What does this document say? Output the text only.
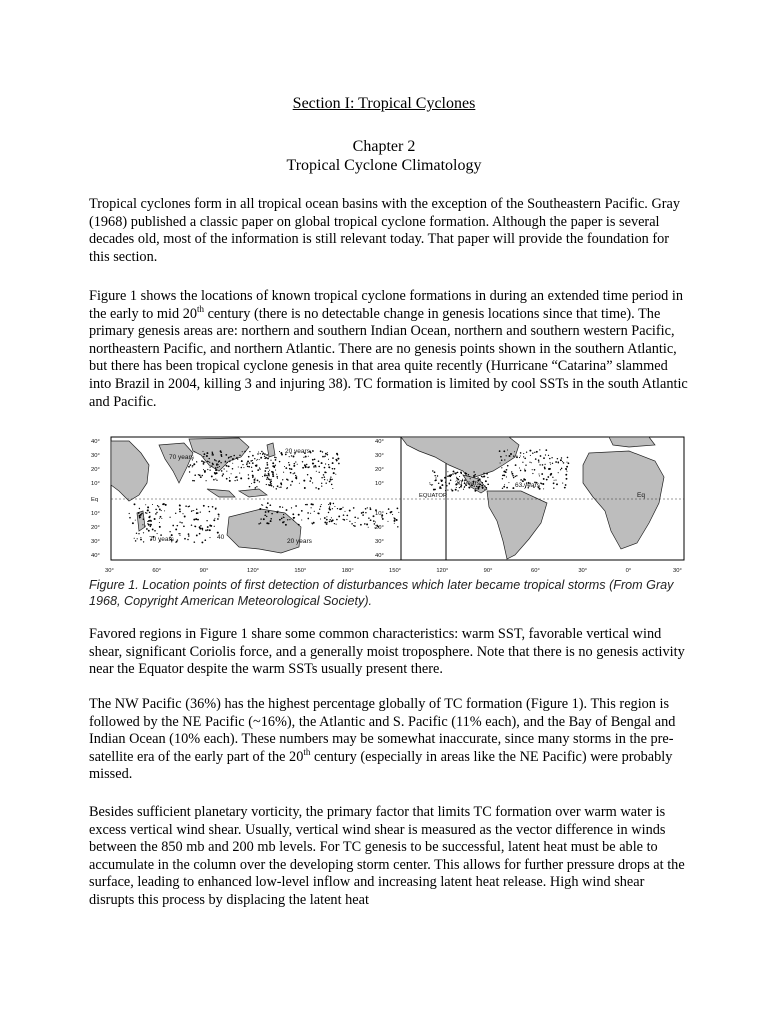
Section I: Tropical Cyclones
Chapter 2
Tropical Cyclone Climatology

Tropical cyclones form in all tropical ocean basins with the exception of the Southeastern Pacific. Gray (1968) published a classic paper on global tropical cyclone formation. Although the paper is several decades old, most of the information is still relevant today. That paper will provide the foundation for this section.

Figure 1 shows the locations of known tropical cyclone formations in during an extended time period in the early to mid 20th century (there is no detectable change in genesis locations since that time). The primary genesis areas are: northern and southern Indian Ocean, northern and southern western Pacific, northeastern Pacific, and northern Atlantic. There are no genesis points shown in the southern Atlantic, but there has been tropical cyclone genesis in that area quite recently (Hurricane “Catarina” slammed into Brazil in 2004, killing 3 and injuring 38). TC formation is limited by cool SSTs in the south Atlantic and Pacific.

70 years
20 years
70 years	40
20 years
20 years	63 years
EQUATOR	Eq
40°
30°
20°
10°
Eq
10°
20°
30°
40°
40°
30°
20°
10°
10°
20°
30°
40°
30°	60°	90°	120°	150°	180°	150°	120°	90°	60°	30°	0°	30°
Figure 1. Location points of first detection of disturbances which later became tropical storms (From Gray 1968, Copyright American Meteorological Society).

Favored regions in Figure 1 share some common characteristics: warm SST, favorable vertical wind shear, significant Coriolis force, and a generally moist troposphere. Note that there is no genesis activity near the Equator despite the warm SSTs usually present there.

The NW Pacific (36%) has the highest percentage globally of TC formation (Figure 1). This region is followed by the NE Pacific (~16%), the Atlantic and S. Pacific (11% each), and the Bay of Bengal and Indian Ocean (10% each). These numbers may be somewhat inaccurate, since many storms in the pre-satellite era of the early part of the 20th century (especially in areas like the NE Pacific) were probably missed.

Besides sufficient planetary vorticity, the primary factor that limits TC formation over warm water is excess vertical wind shear. Usually, vertical wind shear is measured as the vector difference in winds between the 850 mb and 200 mb levels. For TC genesis to be successful, latent heat must be able to accumulate in the column over the developing storm center. This allows for further pressure drops at the surface, leading to enhanced low-level inflow and increasing latent heat release. High wind shear disrupts this process by displacing the latent heat
